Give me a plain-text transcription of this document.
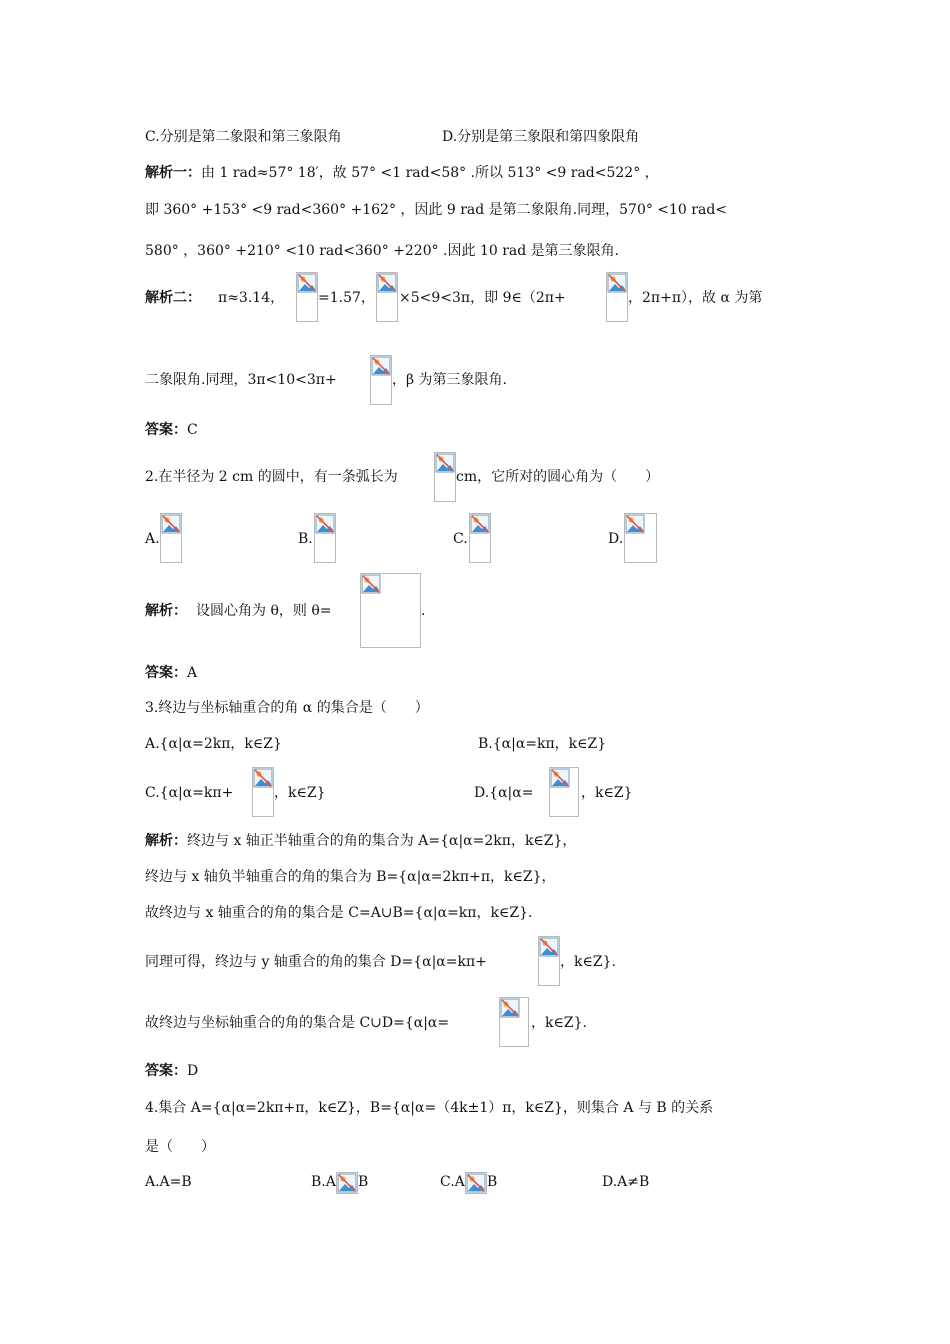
C.分别是第二象限和第三象限角	D.分别是第三象限和第四象限角
解析一：由 1 rad≈57° 18′，故 57° <1 rad<58° .所以 513° <9 rad<522° ，
即 360° +153° <9 rad<360° +162° ，因此 9 rad 是第二象限角.同理，570° <10 rad<
580° ，360° +210° <10 rad<360° +220° .因此 10 rad 是第三象限角.
解析二： π≈3.14， =1.57， ×5<9<3π，即 9∈（2π+	，2π+π），故 α 为第
二象限角.同理，3π<10<3π+	，β 为第三象限角.
答案：C
2.在半径为 2 cm 的圆中，有一条弧长为	cm，它所对的圆心角为（　　）
A.	B.	C.	D.
解析： 设圆心角为 θ，则 θ=	.
答案：A
3.终边与坐标轴重合的角 α 的集合是（　　）
A.{α|α=2kπ，k∈Z}	B.{α|α=kπ，k∈Z}
C.{α|α=kπ+	，k∈Z}	D.{α|α=	，k∈Z}
解析：终边与 x 轴正半轴重合的角的集合为 A={α|α=2kπ，k∈Z}，
终边与 x 轴负半轴重合的角的集合为 B={α|α=2kπ+π，k∈Z}，
故终边与 x 轴重合的角的集合是 C=A∪B={α|α=kπ，k∈Z}.
同理可得，终边与 y 轴重合的角的集合 D={α|α=kπ+	，k∈Z}.
故终边与坐标轴重合的角的集合是 C∪D={α|α=	，k∈Z}.
答案：D
4.集合 A={α|α=2kπ+π，k∈Z}，B={α|α=（4k±1）π，k∈Z}，则集合 A 与 B 的关系
是（　　）
A.A=B	B.A B	C.A B	D.A≠B
